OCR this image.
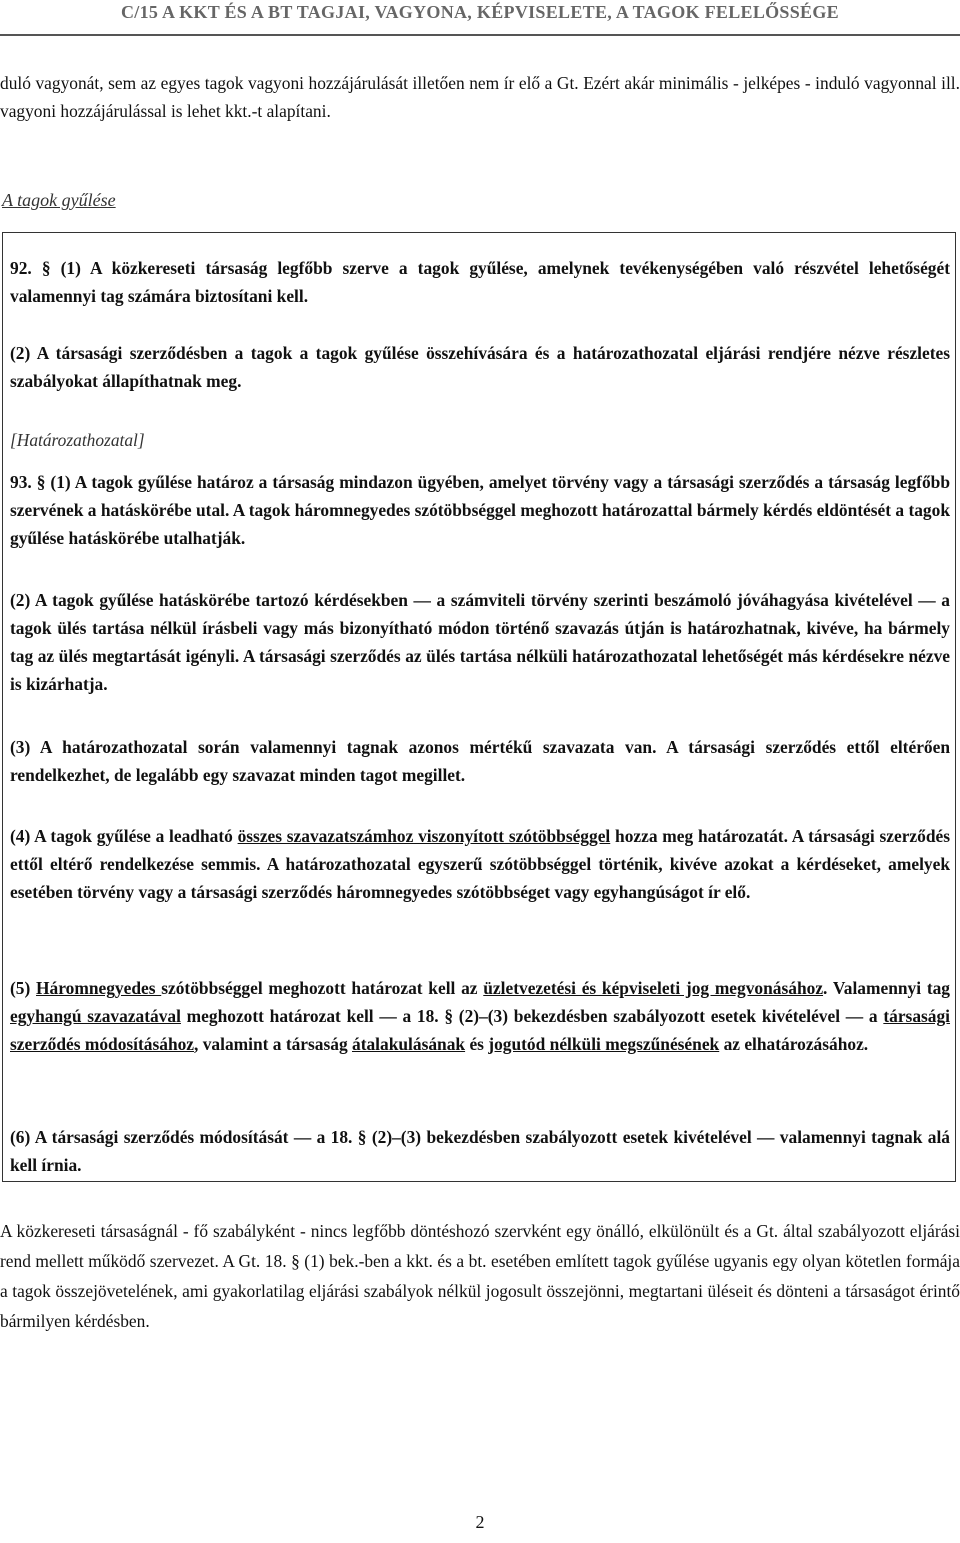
C/15 A KKT ÉS A BT TAGJAI, VAGYONA, KÉPVISELETE, A TAGOK FELELŐSSÉGE
duló vagyonát, sem az egyes tagok vagyoni hozzájárulását illetően nem ír elő a Gt. Ezért akár minimális - jelképes - induló vagyonnal ill. vagyoni hozzájárulással is lehet kkt.-t alapítani.
A tagok gyűlése
92. § (1) A közkereseti társaság legfőbb szerve a tagok gyűlése, amelynek tevékenységében való részvétel lehetőségét valamennyi tag számára biztosítani kell.
(2) A társasági szerződésben a tagok a tagok gyűlése összehívására és a határozathozatal eljárási rendjére nézve részletes szabályokat állapíthatnak meg.
[Határozathozatal]
93. § (1) A tagok gyűlése határoz a társaság mindazon ügyében, amelyet törvény vagy a társasági szerződés a társaság legfőbb szervének a hatáskörébe utal. A tagok háromnegyedes szótöbbséggel meghozott határozattal bármely kérdés eldöntését a tagok gyűlése hatáskörébe utalhatják.
(2) A tagok gyűlése hatáskörébe tartozó kérdésekben — a számviteli törvény szerinti beszámoló jóváhagyása kivételével — a tagok ülés tartása nélkül írásbeli vagy más bizonyítható módon történő szavazás útján is határozhatnak, kivéve, ha bármely tag az ülés megtartását igényli. A társasági szerződés az ülés tartása nélküli határozathozatal lehetőségét más kérdésekre nézve is kizárhatja.
(3) A határozathozatal során valamennyi tagnak azonos mértékű szavazata van. A társasági szerződés ettől eltérően rendelkezhet, de legalább egy szavazat minden tagot megillet.
(4) A tagok gyűlése a leadható összes szavazatszámhoz viszonyított szótöbbséggel hozza meg határozatát. A társasági szerződés ettől eltérő rendelkezése semmis. A határozathozatal egyszerű szótöbbséggel történik, kivéve azokat a kérdéseket, amelyek esetében törvény vagy a társasági szerződés háromnegyedes szótöbbséget vagy egyhangúságot ír elő.
(5) Háromnegyedes szótöbbséggel meghozott határozat kell az üzletvezetési és képviseleti jog megvonásához. Valamennyi tag egyhangú szavazatával meghozott határozat kell — a 18. § (2)–(3) bekezdésben szabályozott esetek kivételével — a társasági szerződés módosításához, valamint a társaság átalakulásának és jogutód nélküli megszűnésének az elhatározásához.
(6) A társasági szerződés módosítását — a 18. § (2)–(3) bekezdésben szabályozott esetek kivételével — valamennyi tagnak alá kell írnia.
A közkereseti társaságnál - fő szabályként - nincs legfőbb döntéshozó szervként egy önálló, elkülönült és a Gt. által szabályozott eljárási rend mellett működő szervezet. A Gt. 18. § (1) bek.-ben a kkt. és a bt. esetében említett tagok gyűlése ugyanis egy olyan kötetlen formája a tagok összejövetelének, ami gyakorlatilag eljárási szabályok nélkül jogosult összejönni, megtartani üléseit és dönteni a társaságot érintő bármilyen kérdésben.
2
